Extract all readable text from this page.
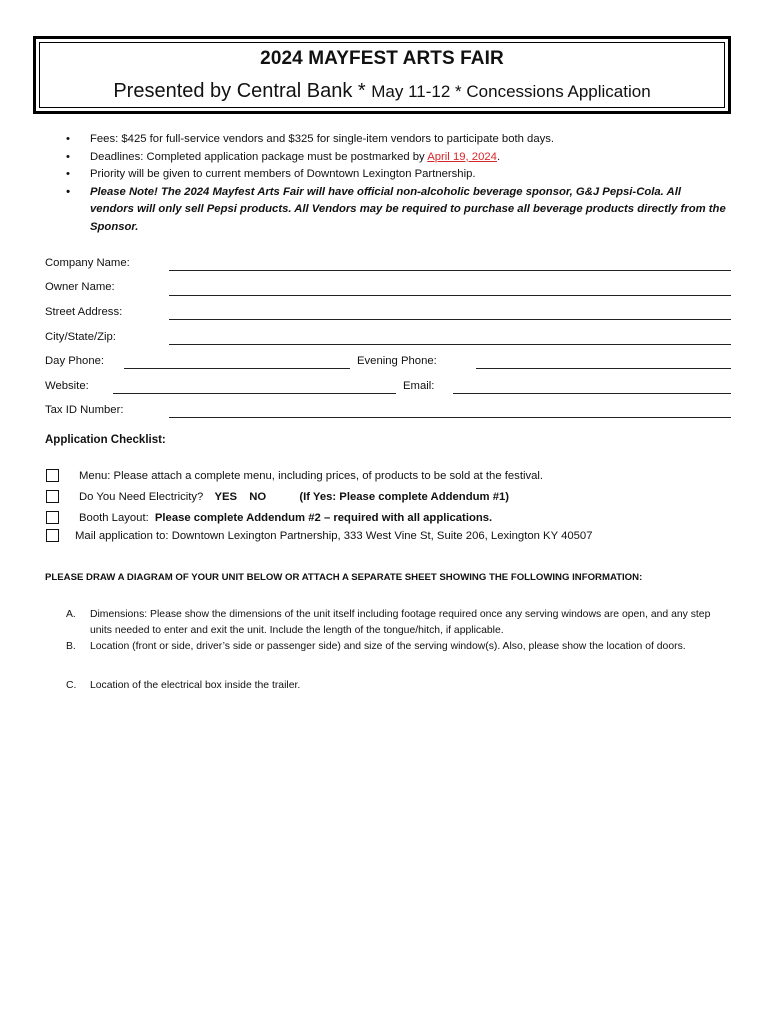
2024 MAYFEST ARTS FAIR
Presented by Central Bank * May 11-12 * Concessions Application
• Fees: $425 for full-service vendors and $325 for single-item vendors to participate both days.
• Deadlines: Completed application package must be postmarked by April 19, 2024.
• Priority will be given to current members of Downtown Lexington Partnership.
• Please Note! The 2024 Mayfest Arts Fair will have official non-alcoholic beverage sponsor, G&J Pepsi-Cola. All vendors will only sell Pepsi products. All Vendors may be required to purchase all beverage products directly from the Sponsor.
Company Name:
Owner Name:
Street Address:
City/State/Zip:
Day Phone:	Evening Phone:
Website:	Email:
Tax ID Number:
Application Checklist:
Menu: Please attach a complete menu, including prices, of products to be sold at the festival.
Do You Need Electricity? YES NO	(If Yes: Please complete Addendum #1)
Booth Layout: Please complete Addendum #2 – required with all applications.
Mail application to: Downtown Lexington Partnership, 333 West Vine St, Suite 206, Lexington KY 40507
PLEASE DRAW A DIAGRAM OF YOUR UNIT BELOW OR ATTACH A SEPARATE SHEET SHOWING THE FOLLOWING INFORMATION:
A. Dimensions: Please show the dimensions of the unit itself including footage required once any serving windows are open, and any step units needed to enter and exit the unit. Include the length of the tongue/hitch, if applicable.
B. Location (front or side, driver’s side or passenger side) and size of the serving window(s). Also, please show the location of doors.
C. Location of the electrical box inside the trailer.
